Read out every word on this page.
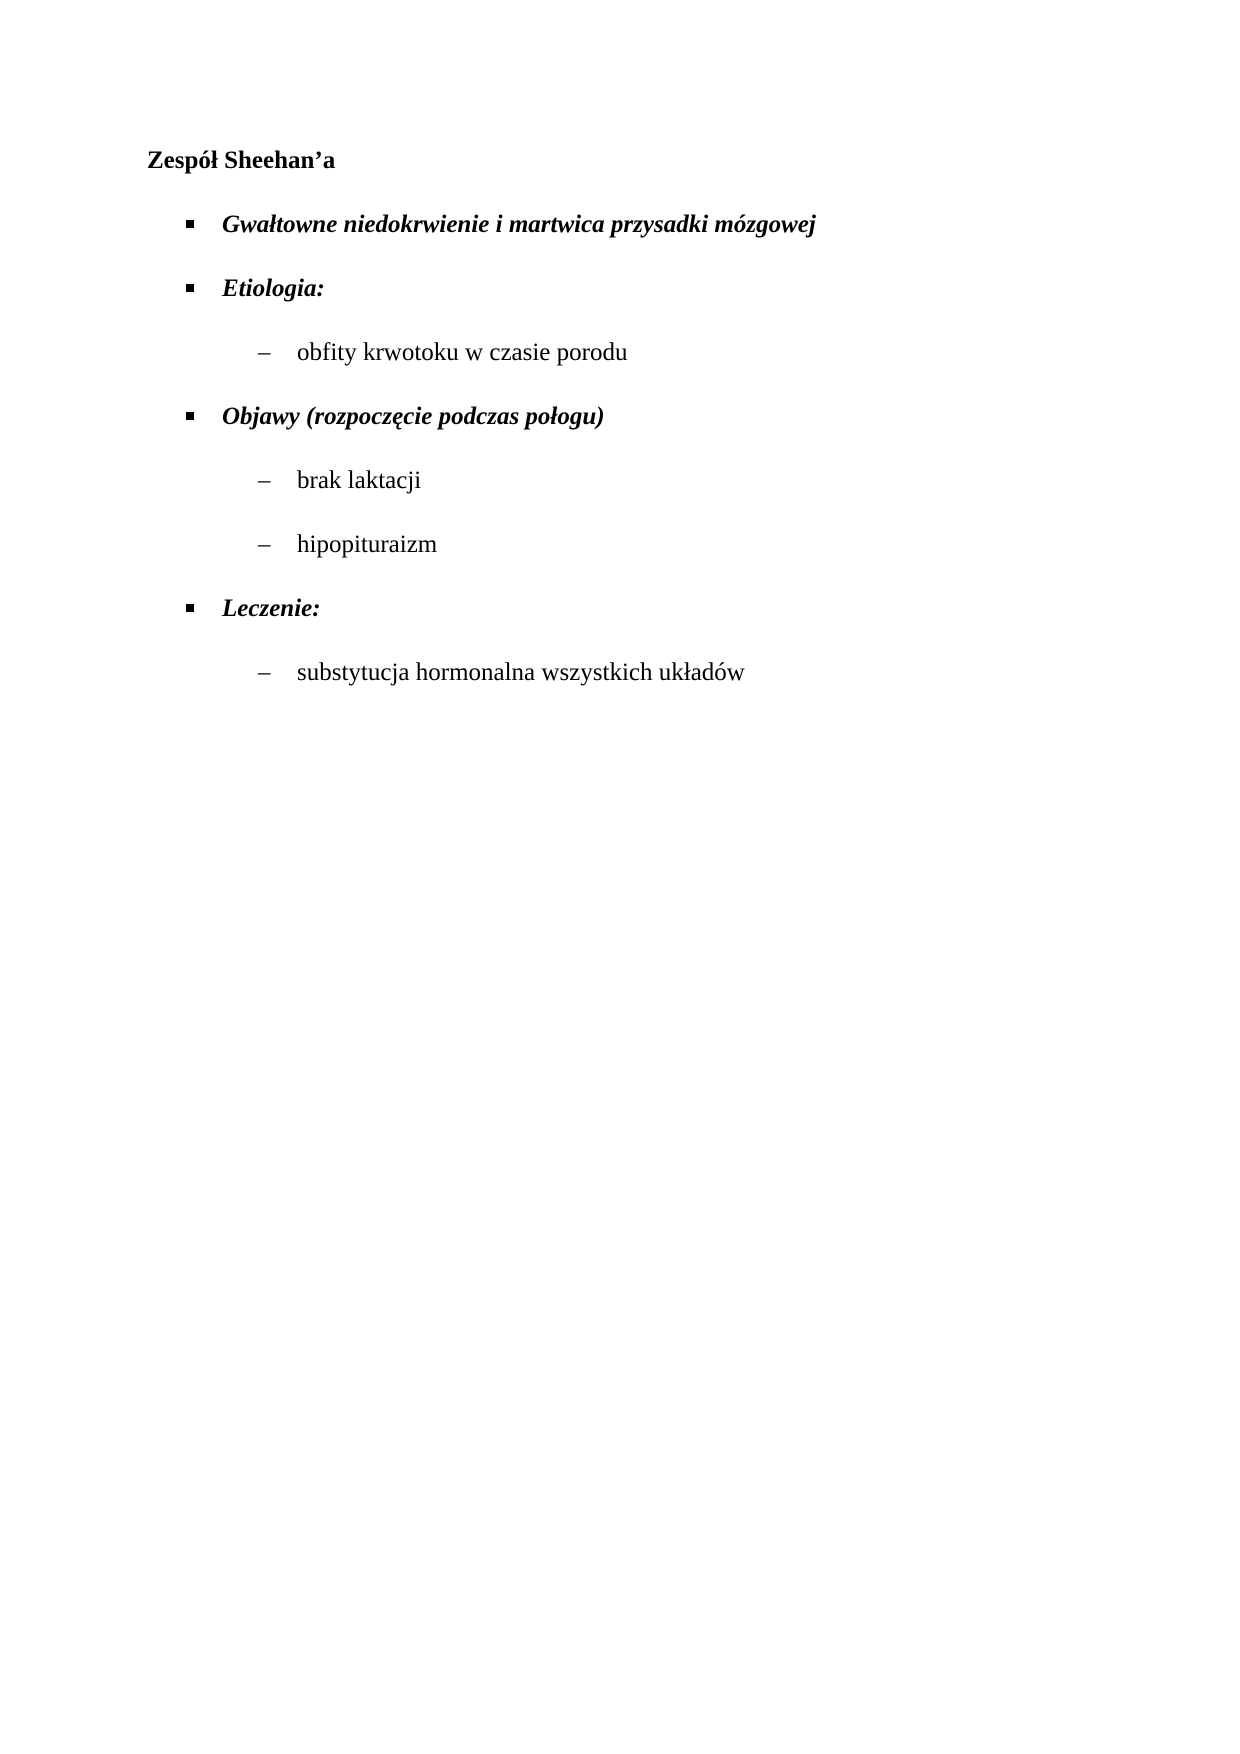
Zespół Sheehan’a
Gwałtowne niedokrwienie i martwica przysadki mózgowej
Etiologia:
– obfity krwotoku w czasie porodu
Objawy (rozpoczęcie podczas połogu)
– brak laktacji
– hipopituraizm
Leczenie:
– substytucja hormonalna wszystkich układów
